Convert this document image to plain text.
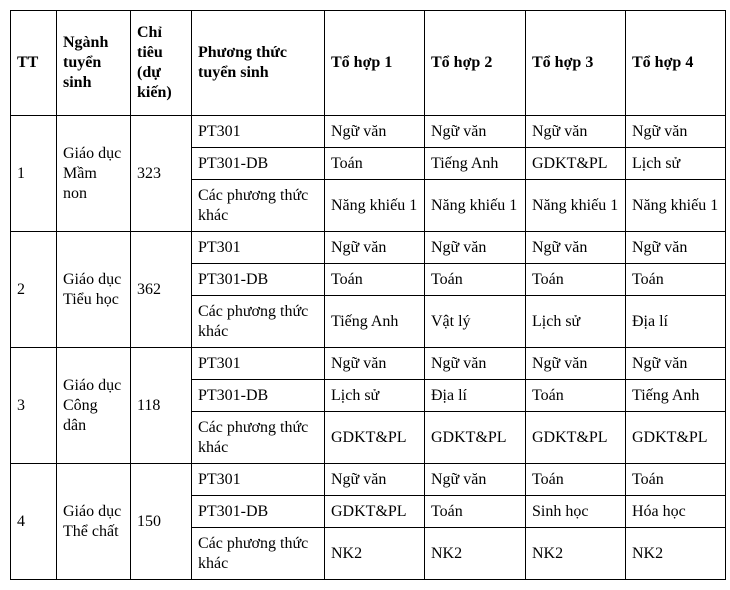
TT	Ngành tuyển sinh	Chỉ tiêu (dự kiến)	Phương thức tuyển sinh	Tổ hợp 1	Tổ hợp 2	Tổ hợp 3	Tổ hợp 4
1	Giáo dục Mầm non	323	PT301	Ngữ văn	Ngữ văn	Ngữ văn	Ngữ văn
			PT301-DB	Toán	Tiếng Anh	GDKT&PL	Lịch sử
			Các phương thức khác	Năng khiếu 1	Năng khiếu 1	Năng khiếu 1	Năng khiếu 1
2	Giáo dục Tiểu học	362	PT301	Ngữ văn	Ngữ văn	Ngữ văn	Ngữ văn
			PT301-DB	Toán	Toán	Toán	Toán
			Các phương thức khác	Tiếng Anh	Vật lý	Lịch sử	Địa lí
3	Giáo dục Công dân	118	PT301	Ngữ văn	Ngữ văn	Ngữ văn	Ngữ văn
			PT301-DB	Lịch sử	Địa lí	Toán	Tiếng Anh
			Các phương thức khác	GDKT&PL	GDKT&PL	GDKT&PL	GDKT&PL
4	Giáo dục Thể chất	150	PT301	Ngữ văn	Ngữ văn	Toán	Toán
			PT301-DB	GDKT&PL	Toán	Sinh học	Hóa học
			Các phương thức khác	NK2	NK2	NK2	NK2
